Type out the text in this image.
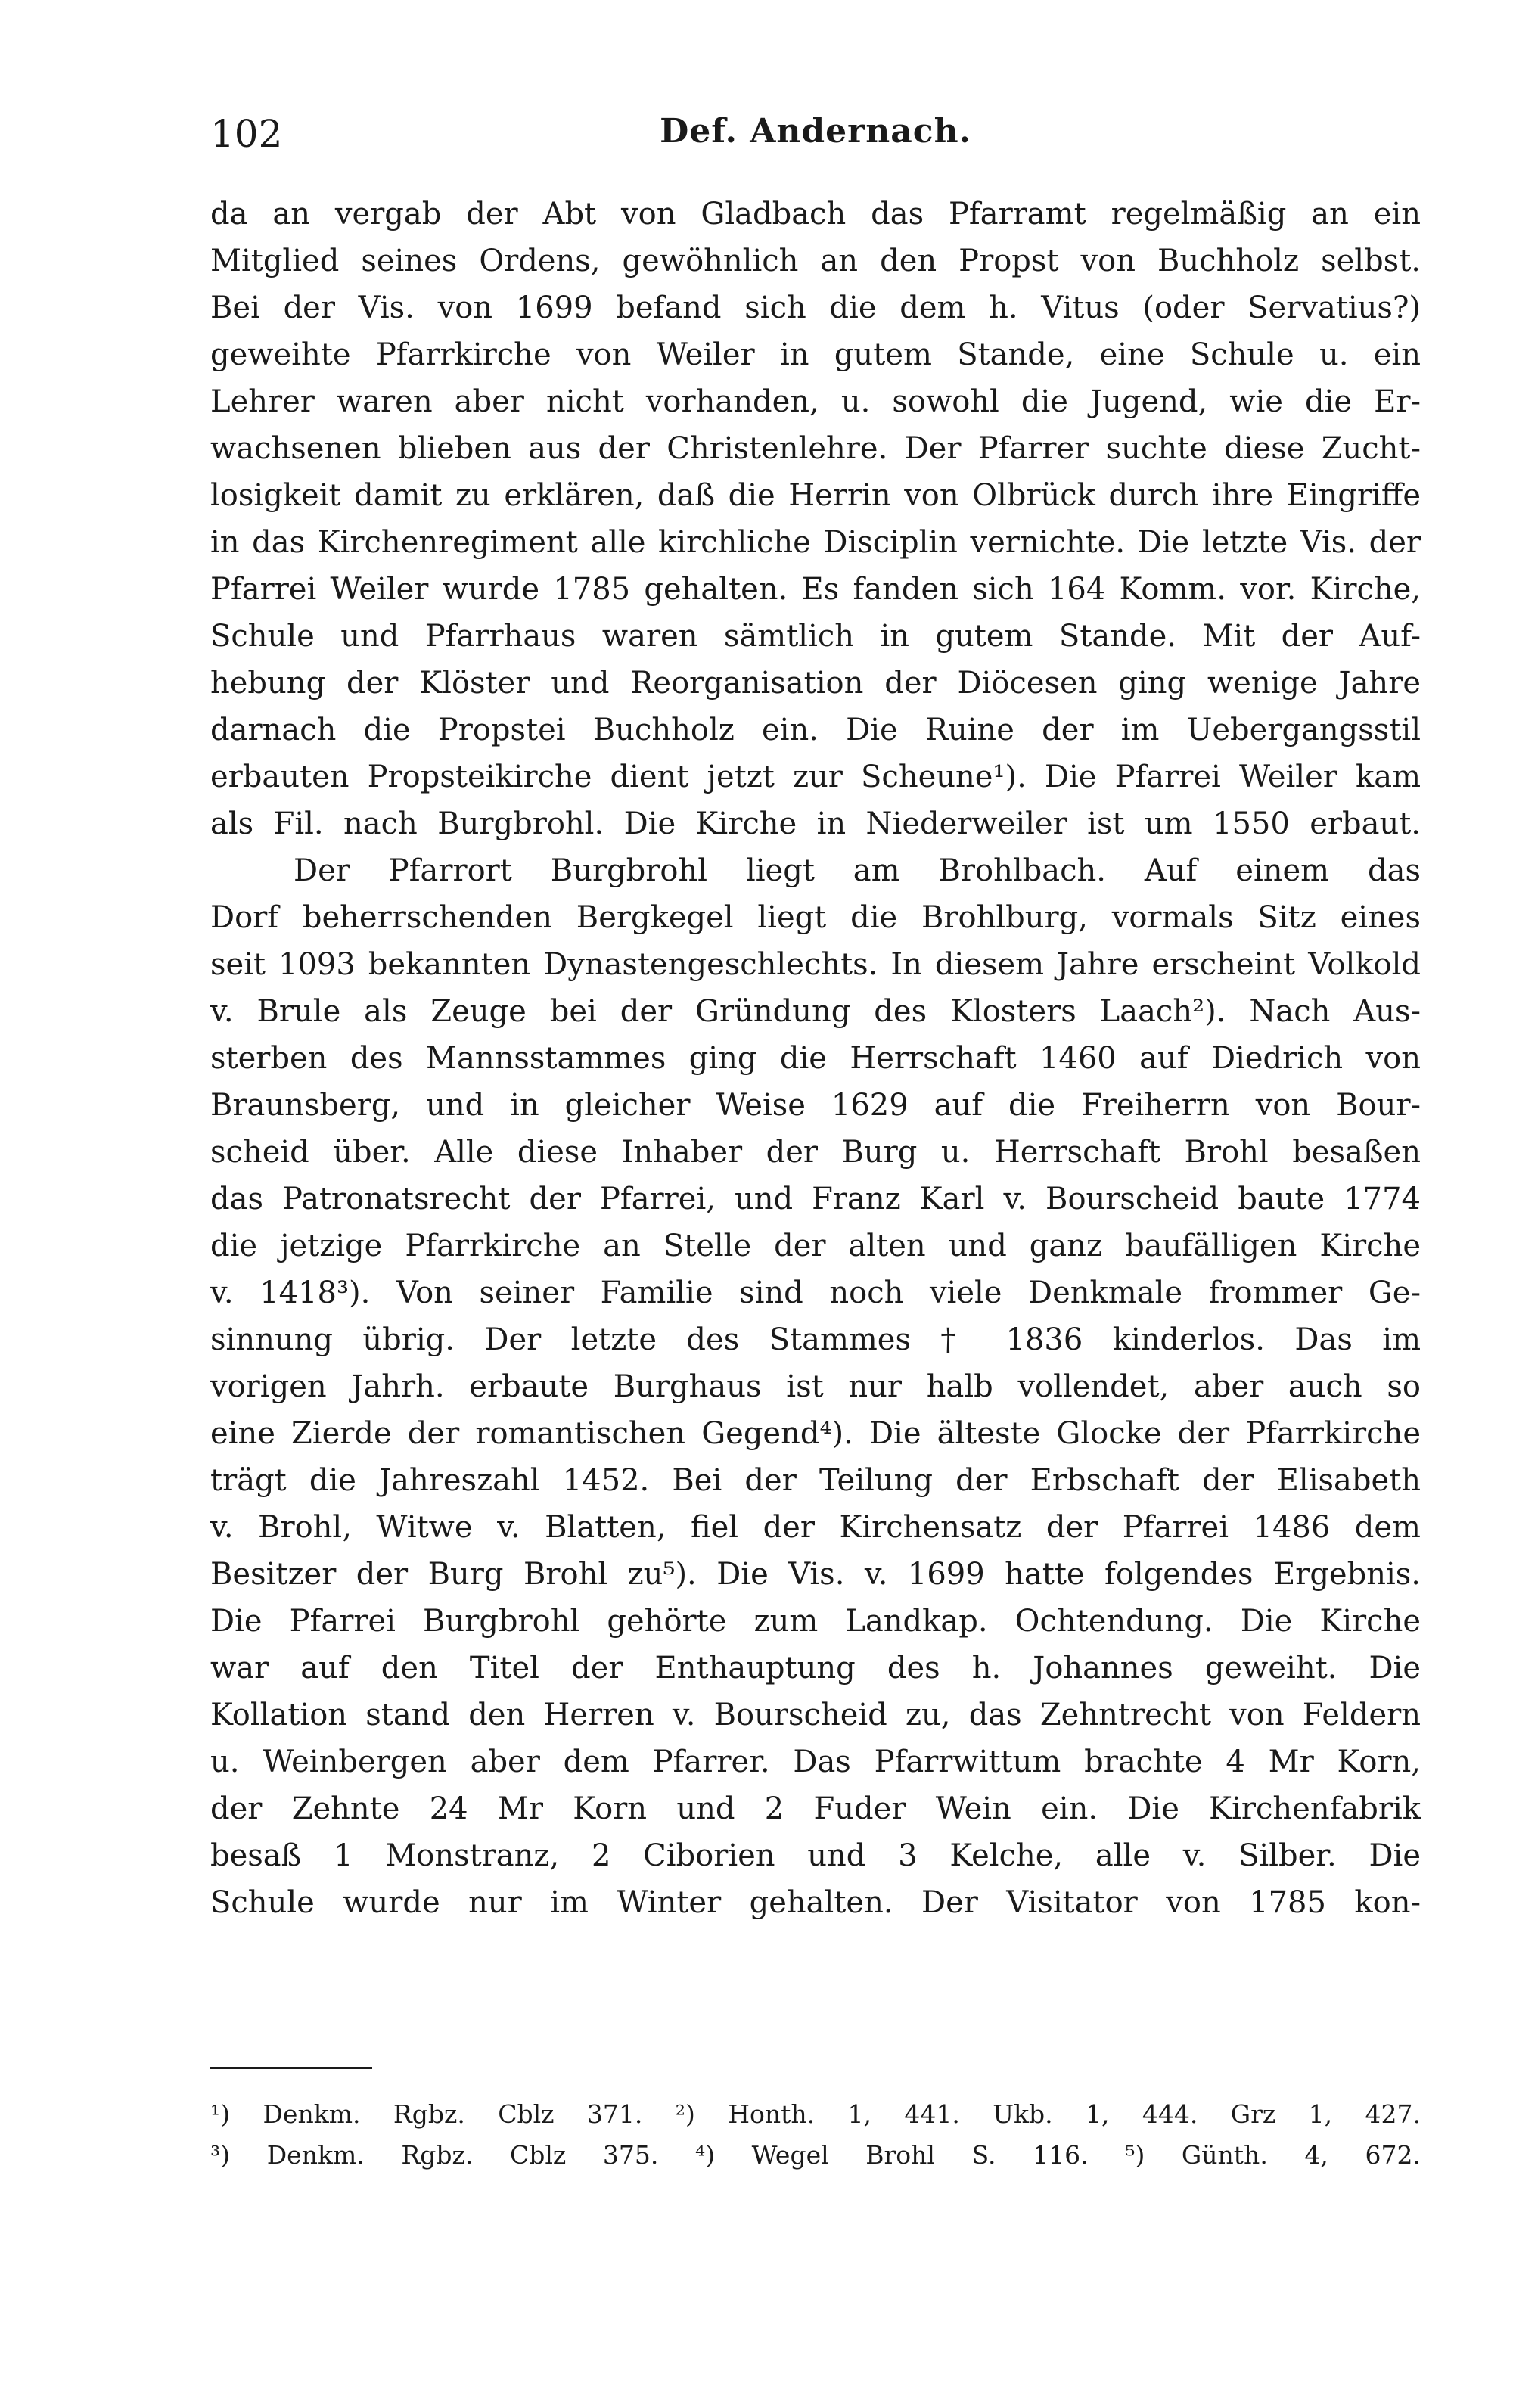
102	Def. Andernach.
da an vergab der Abt von Gladbach das Pfarramt regelmäßig an ein
Mitglied seines Ordens, gewöhnlich an den Propst von Buchholz selbst.
Bei der Vis. von 1699 befand sich die dem h. Vitus (oder Servatius?)
geweihte Pfarrkirche von Weiler in gutem Stande, eine Schule u. ein
Lehrer waren aber nicht vorhanden, u. sowohl die Jugend, wie die Er-
wachsenen blieben aus der Christenlehre. Der Pfarrer suchte diese Zucht-
losigkeit damit zu erklären, daß die Herrin von Olbrück durch ihre Eingriffe
in das Kirchenregiment alle kirchliche Disciplin vernichte. Die letzte Vis. der
Pfarrei Weiler wurde 1785 gehalten. Es fanden sich 164 Komm. vor. Kirche,
Schule und Pfarrhaus waren sämtlich in gutem Stande. Mit der Auf-
hebung der Klöster und Reorganisation der Diöcesen ging wenige Jahre
darnach die Propstei Buchholz ein. Die Ruine der im Uebergangsstil
erbauten Propsteikirche dient jetzt zur Scheune¹). Die Pfarrei Weiler kam
als Fil. nach Burgbrohl. Die Kirche in Niederweiler ist um 1550 erbaut.
Der Pfarrort Burgbrohl liegt am Brohlbach. Auf einem das
Dorf beherrschenden Bergkegel liegt die Brohlburg, vormals Sitz eines
seit 1093 bekannten Dynastengeschlechts. In diesem Jahre erscheint Volkold
v. Brule als Zeuge bei der Gründung des Klosters Laach²). Nach Aus-
sterben des Mannsstammes ging die Herrschaft 1460 auf Diedrich von
Braunsberg, und in gleicher Weise 1629 auf die Freiherrn von Bour-
scheid über. Alle diese Inhaber der Burg u. Herrschaft Brohl besaßen
das Patronatsrecht der Pfarrei, und Franz Karl v. Bourscheid baute 1774
die jetzige Pfarrkirche an Stelle der alten und ganz baufälligen Kirche
v. 1418³). Von seiner Familie sind noch viele Denkmale frommer Ge-
sinnung übrig. Der letzte des Stammes † 1836 kinderlos. Das im
vorigen Jahrh. erbaute Burghaus ist nur halb vollendet, aber auch so
eine Zierde der romantischen Gegend⁴). Die älteste Glocke der Pfarrkirche
trägt die Jahreszahl 1452. Bei der Teilung der Erbschaft der Elisabeth
v. Brohl, Witwe v. Blatten, fiel der Kirchensatz der Pfarrei 1486 dem
Besitzer der Burg Brohl zu⁵). Die Vis. v. 1699 hatte folgendes Ergebnis.
Die Pfarrei Burgbrohl gehörte zum Landkap. Ochtendung. Die Kirche
war auf den Titel der Enthauptung des h. Johannes geweiht. Die
Kollation stand den Herren v. Bourscheid zu, das Zehntrecht von Feldern
u. Weinbergen aber dem Pfarrer. Das Pfarrwittum brachte 4 Mr Korn,
der Zehnte 24 Mr Korn und 2 Fuder Wein ein. Die Kirchenfabrik
besaß 1 Monstranz, 2 Ciborien und 3 Kelche, alle v. Silber. Die
Schule wurde nur im Winter gehalten. Der Visitator von 1785 kon-
¹) Denkm. Rgbz. Cblz 371. ²) Honth. 1, 441. Ukb. 1, 444. Grz 1, 427.
³) Denkm. Rgbz. Cblz 375. ⁴) Wegel Brohl S. 116. ⁵) Günth. 4, 672.
